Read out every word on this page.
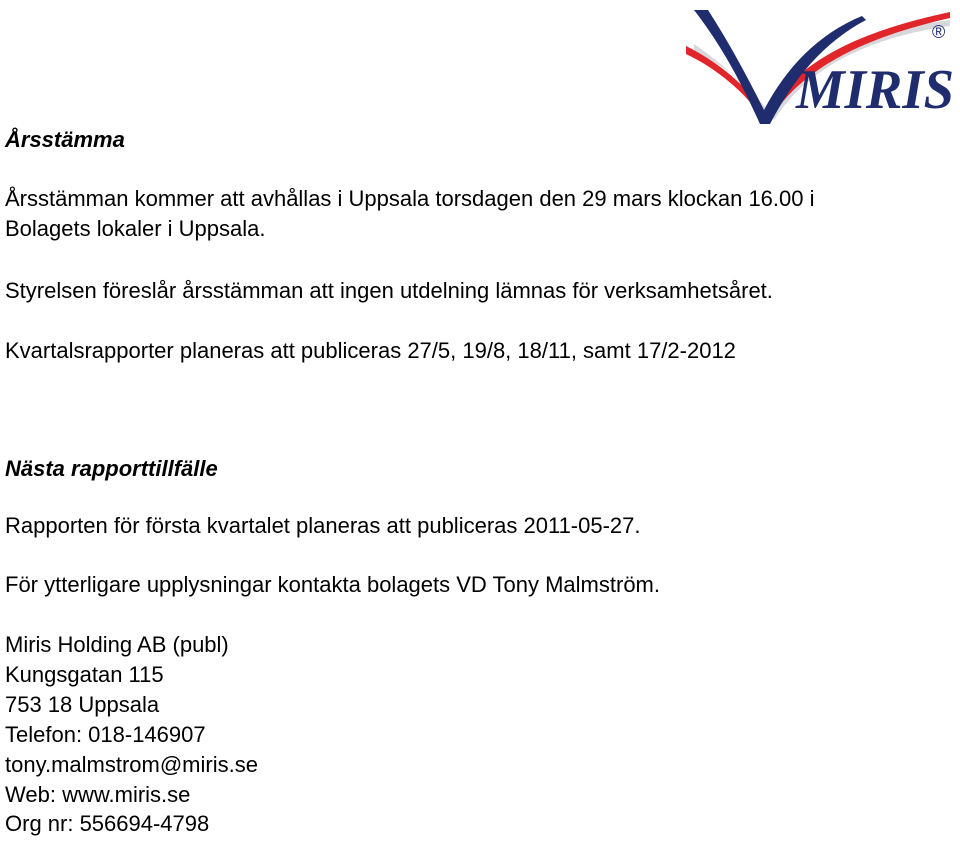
MIRIS
®
Årsstämma
Årsstämman kommer att avhållas i Uppsala torsdagen den 29 mars klockan 16.00 i
Bolagets lokaler i Uppsala.
Styrelsen föreslår årsstämman att ingen utdelning lämnas för verksamhetsåret.
Kvartalsrapporter planeras att publiceras 27/5, 19/8, 18/11, samt 17/2-2012
Nästa rapporttillfälle
Rapporten för första kvartalet planeras att publiceras 2011-05-27.
För ytterligare upplysningar kontakta bolagets VD Tony Malmström.
Miris Holding AB (publ)
Kungsgatan 115
753 18 Uppsala
Telefon: 018-146907
tony.malmstrom@miris.se
Web: www.miris.se
Org nr: 556694-4798
